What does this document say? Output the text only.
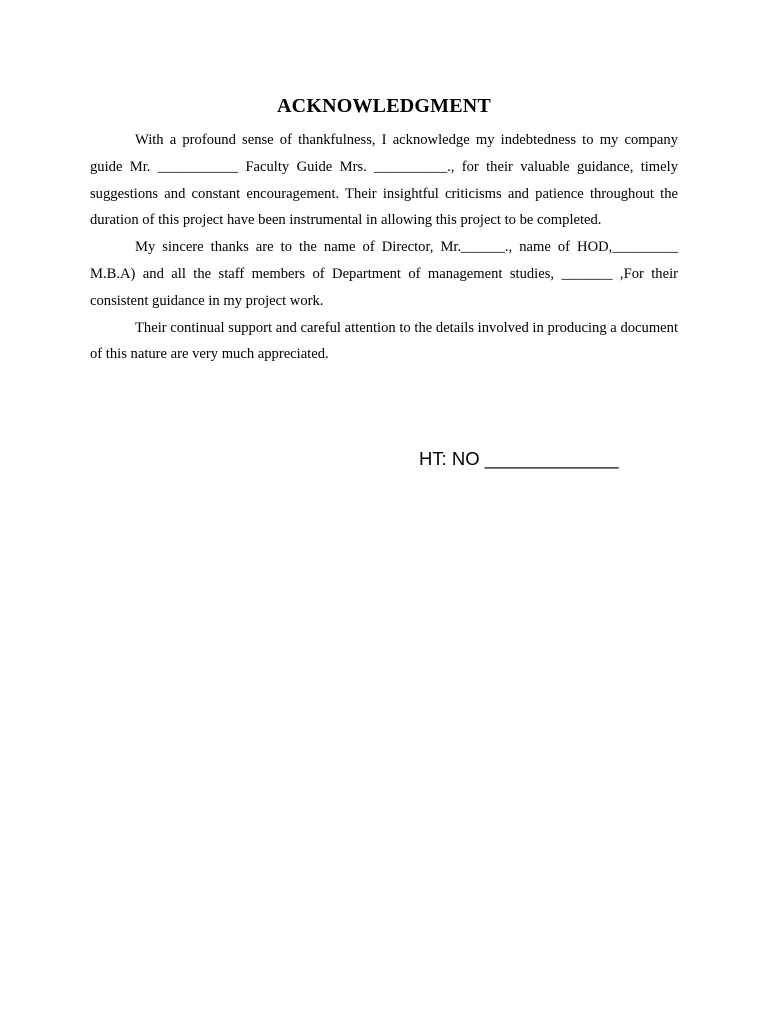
ACKNOWLEDGMENT

With a profound sense of thankfulness, I acknowledge my indebtedness to my company guide Mr. ___________ Faculty Guide Mrs. __________., for their valuable guidance, timely suggestions and constant encouragement. Their insightful criticisms and patience throughout the duration of this project have been instrumental in allowing this project to be completed.

My sincere thanks are to the name of Director, Mr.______., name of HOD,_________ M.B.A) and all the staff members of Department of management studies, _______ ,For their consistent guidance in my project work.

Their continual support and careful attention to the details involved in producing a document of this nature are very much appreciated.

HT: NO _____________
